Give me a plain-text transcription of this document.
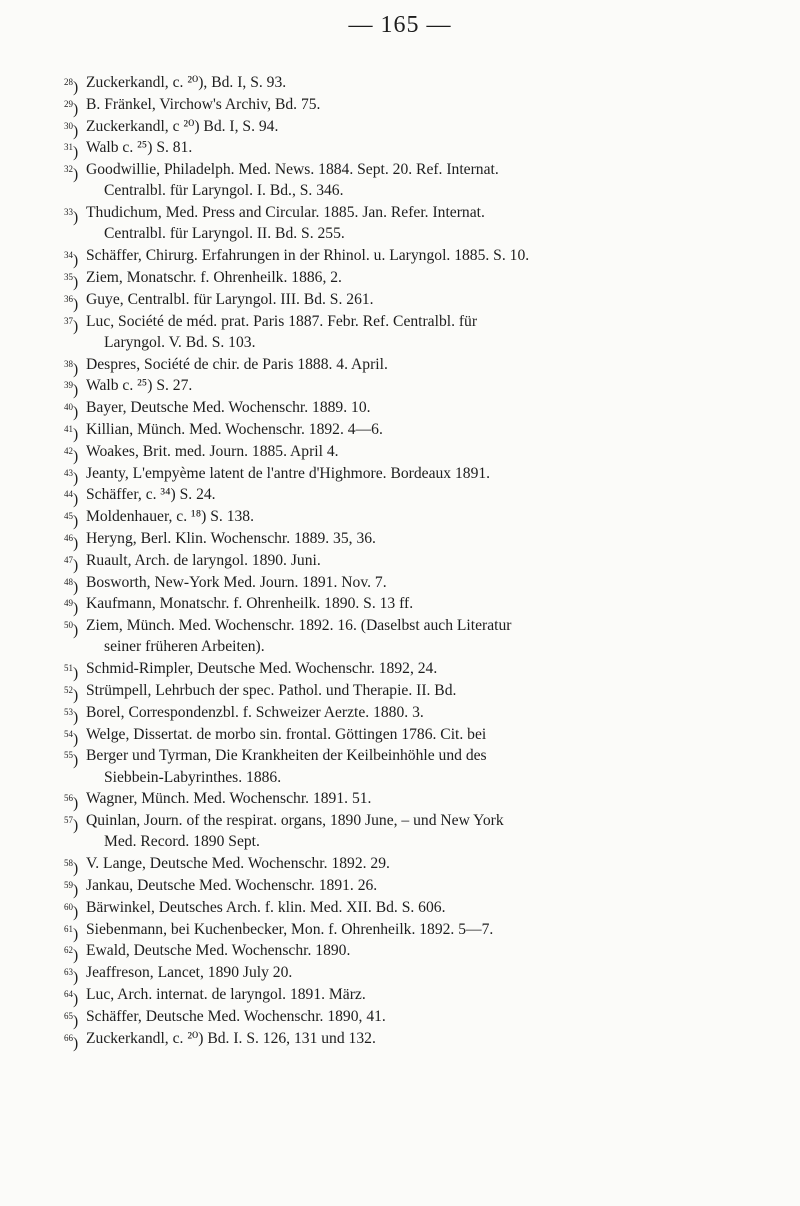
— 165 —
$^{28}$) Zuckerkandl, c. ²⁰), Bd. I, S. 93.
$^{29}$) B. Fränkel, Virchow's Archiv, Bd. 75.
$^{30}$) Zuckerkandl, c ²⁰) Bd. I, S. 94.
$^{31}$) Walb c. ²⁵) S. 81.
$^{32}$) Goodwillie, Philadelph. Med. News. 1884. Sept. 20. Ref. Internat.
Centralbl. für Laryngol. I. Bd., S. 346.
$^{33}$) Thudichum, Med. Press and Circular. 1885. Jan. Refer. Internat.
Centralbl. für Laryngol. II. Bd. S. 255.
$^{34}$) Schäffer, Chirurg. Erfahrungen in der Rhinol. u. Laryngol. 1885. S. 10.
$^{35}$) Ziem, Monatschr. f. Ohrenheilk. 1886, 2.
$^{36}$) Guye, Centralbl. für Laryngol. III. Bd. S. 261.
$^{37}$) Luc, Société de méd. prat. Paris 1887. Febr. Ref. Centralbl. für
Laryngol. V. Bd. S. 103.
$^{38}$) Despres, Société de chir. de Paris 1888. 4. April.
$^{39}$) Walb c. ²⁵) S. 27.
$^{40}$) Bayer, Deutsche Med. Wochenschr. 1889. 10.
$^{41}$) Killian, Münch. Med. Wochenschr. 1892. 4—6.
$^{42}$) Woakes, Brit. med. Journ. 1885. April 4.
$^{43}$) Jeanty, L'empyème latent de l'antre d'Highmore. Bordeaux 1891.
$^{44}$) Schäffer, c. ³⁴) S. 24.
$^{45}$) Moldenhauer, c. ¹⁸) S. 138.
$^{46}$) Heryng, Berl. Klin. Wochenschr. 1889. 35, 36.
$^{47}$) Ruault, Arch. de laryngol. 1890. Juni.
$^{48}$) Bosworth, New-York Med. Journ. 1891. Nov. 7.
$^{49}$) Kaufmann, Monatschr. f. Ohrenheilk. 1890. S. 13 ff.
$^{50}$) Ziem, Münch. Med. Wochenschr. 1892. 16. (Daselbst auch Literatur
seiner früheren Arbeiten).
$^{51}$) Schmid-Rimpler, Deutsche Med. Wochenschr. 1892, 24.
$^{52}$) Strümpell, Lehrbuch der spec. Pathol. und Therapie. II. Bd.
$^{53}$) Borel, Correspondenzbl. f. Schweizer Aerzte. 1880. 3.
$^{54}$) Welge, Dissertat. de morbo sin. frontal. Göttingen 1786. Cit. bei
$^{55}$) Berger und Tyrman, Die Krankheiten der Keilbeinhöhle und des
Siebbein-Labyrinthes. 1886.
$^{56}$) Wagner, Münch. Med. Wochenschr. 1891. 51.
$^{57}$) Quinlan, Journ. of the respirat. organs, 1890 June, – und New York
Med. Record. 1890 Sept.
$^{58}$) V. Lange, Deutsche Med. Wochenschr. 1892. 29.
$^{59}$) Jankau, Deutsche Med. Wochenschr. 1891. 26.
$^{60}$) Bärwinkel, Deutsches Arch. f. klin. Med. XII. Bd. S. 606.
$^{61}$) Siebenmann, bei Kuchenbecker, Mon. f. Ohrenheilk. 1892. 5—7.
$^{62}$) Ewald, Deutsche Med. Wochenschr. 1890.
$^{63}$) Jeaffreson, Lancet, 1890 July 20.
$^{64}$) Luc, Arch. internat. de laryngol. 1891. März.
$^{65}$) Schäffer, Deutsche Med. Wochenschr. 1890, 41.
$^{66}$) Zuckerkandl, c. ²⁰) Bd. I. S. 126, 131 und 132.
